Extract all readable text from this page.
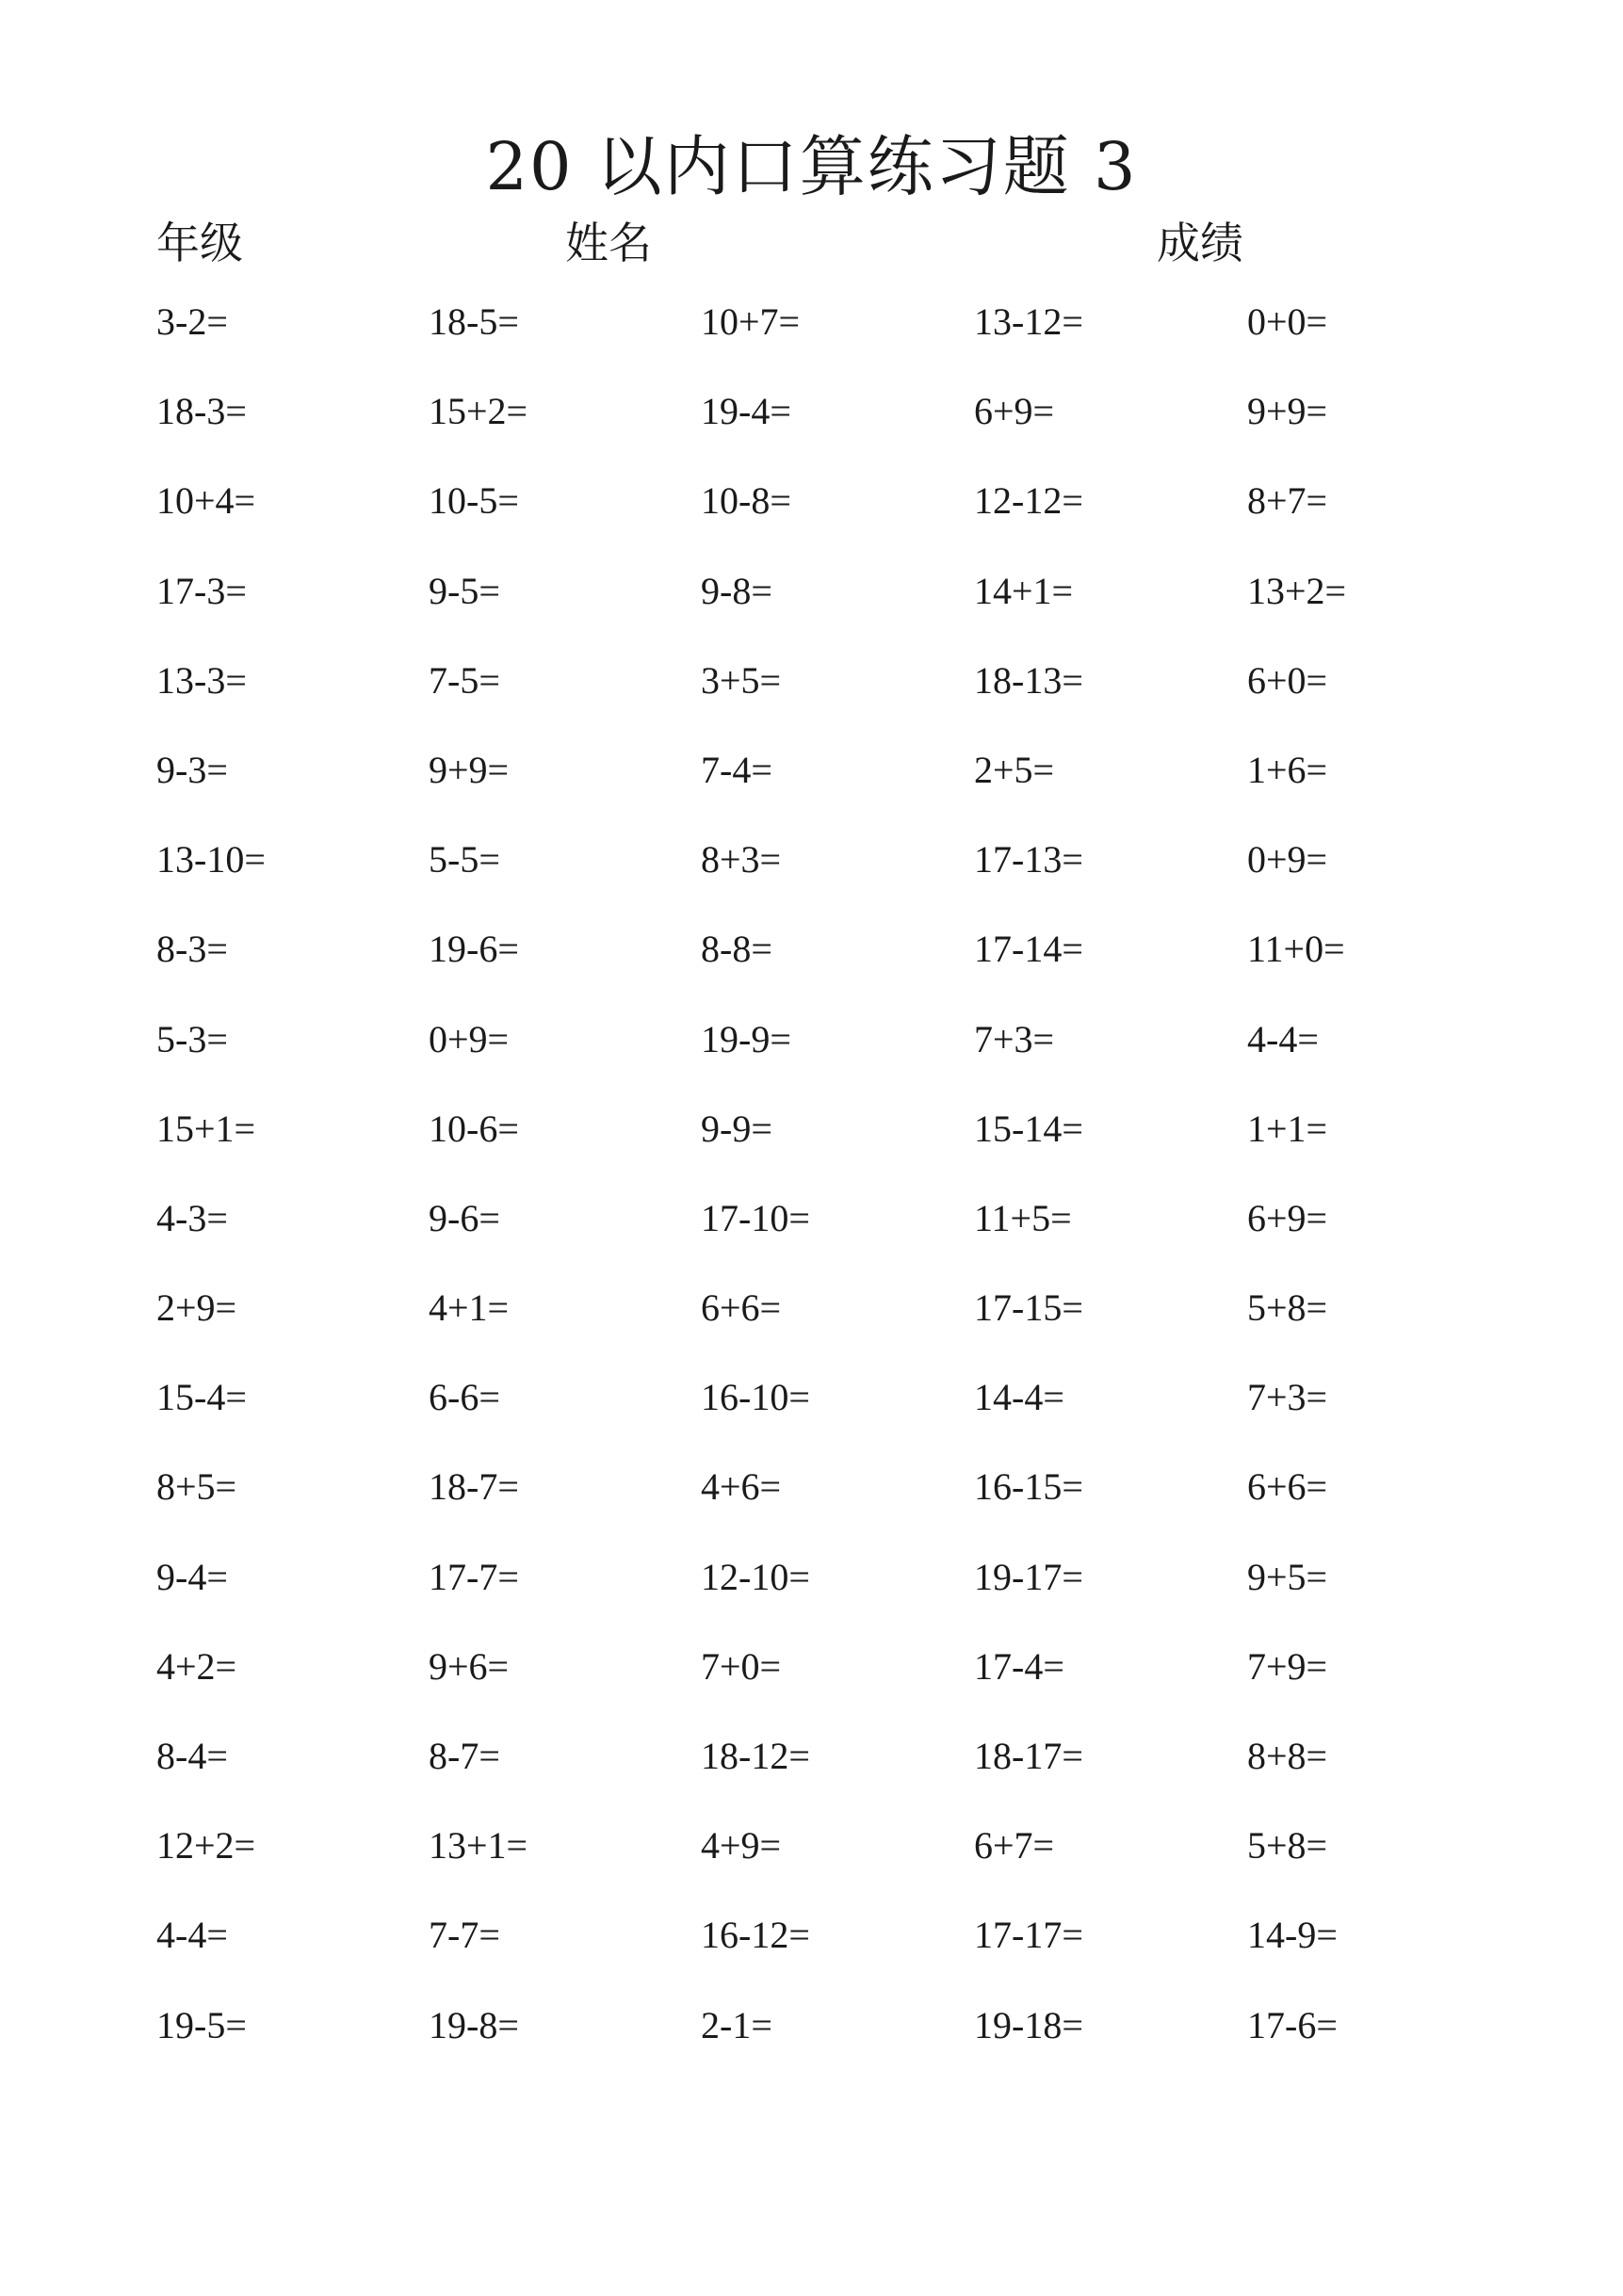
20 以内口算练习题 3
年级	姓名	成绩
3-2=	18-5=	10+7=	13-12=	0+0=
18-3=	15+2=	19-4=	6+9=	9+9=
10+4=	10-5=	10-8=	12-12=	8+7=
17-3=	9-5=	9-8=	14+1=	13+2=
13-3=	7-5=	3+5=	18-13=	6+0=
9-3=	9+9=	7-4=	2+5=	1+6=
13-10=	5-5=	8+3=	17-13=	0+9=
8-3=	19-6=	8-8=	17-14=	11+0=
5-3=	0+9=	19-9=	7+3=	4-4=
15+1=	10-6=	9-9=	15-14=	1+1=
4-3=	9-6=	17-10=	11+5=	6+9=
2+9=	4+1=	6+6=	17-15=	5+8=
15-4=	6-6=	16-10=	14-4=	7+3=
8+5=	18-7=	4+6=	16-15=	6+6=
9-4=	17-7=	12-10=	19-17=	9+5=
4+2=	9+6=	7+0=	17-4=	7+9=
8-4=	8-7=	18-12=	18-17=	8+8=
12+2=	13+1=	4+9=	6+7=	5+8=
4-4=	7-7=	16-12=	17-17=	14-9=
19-5=	19-8=	2-1=	19-18=	17-6=
